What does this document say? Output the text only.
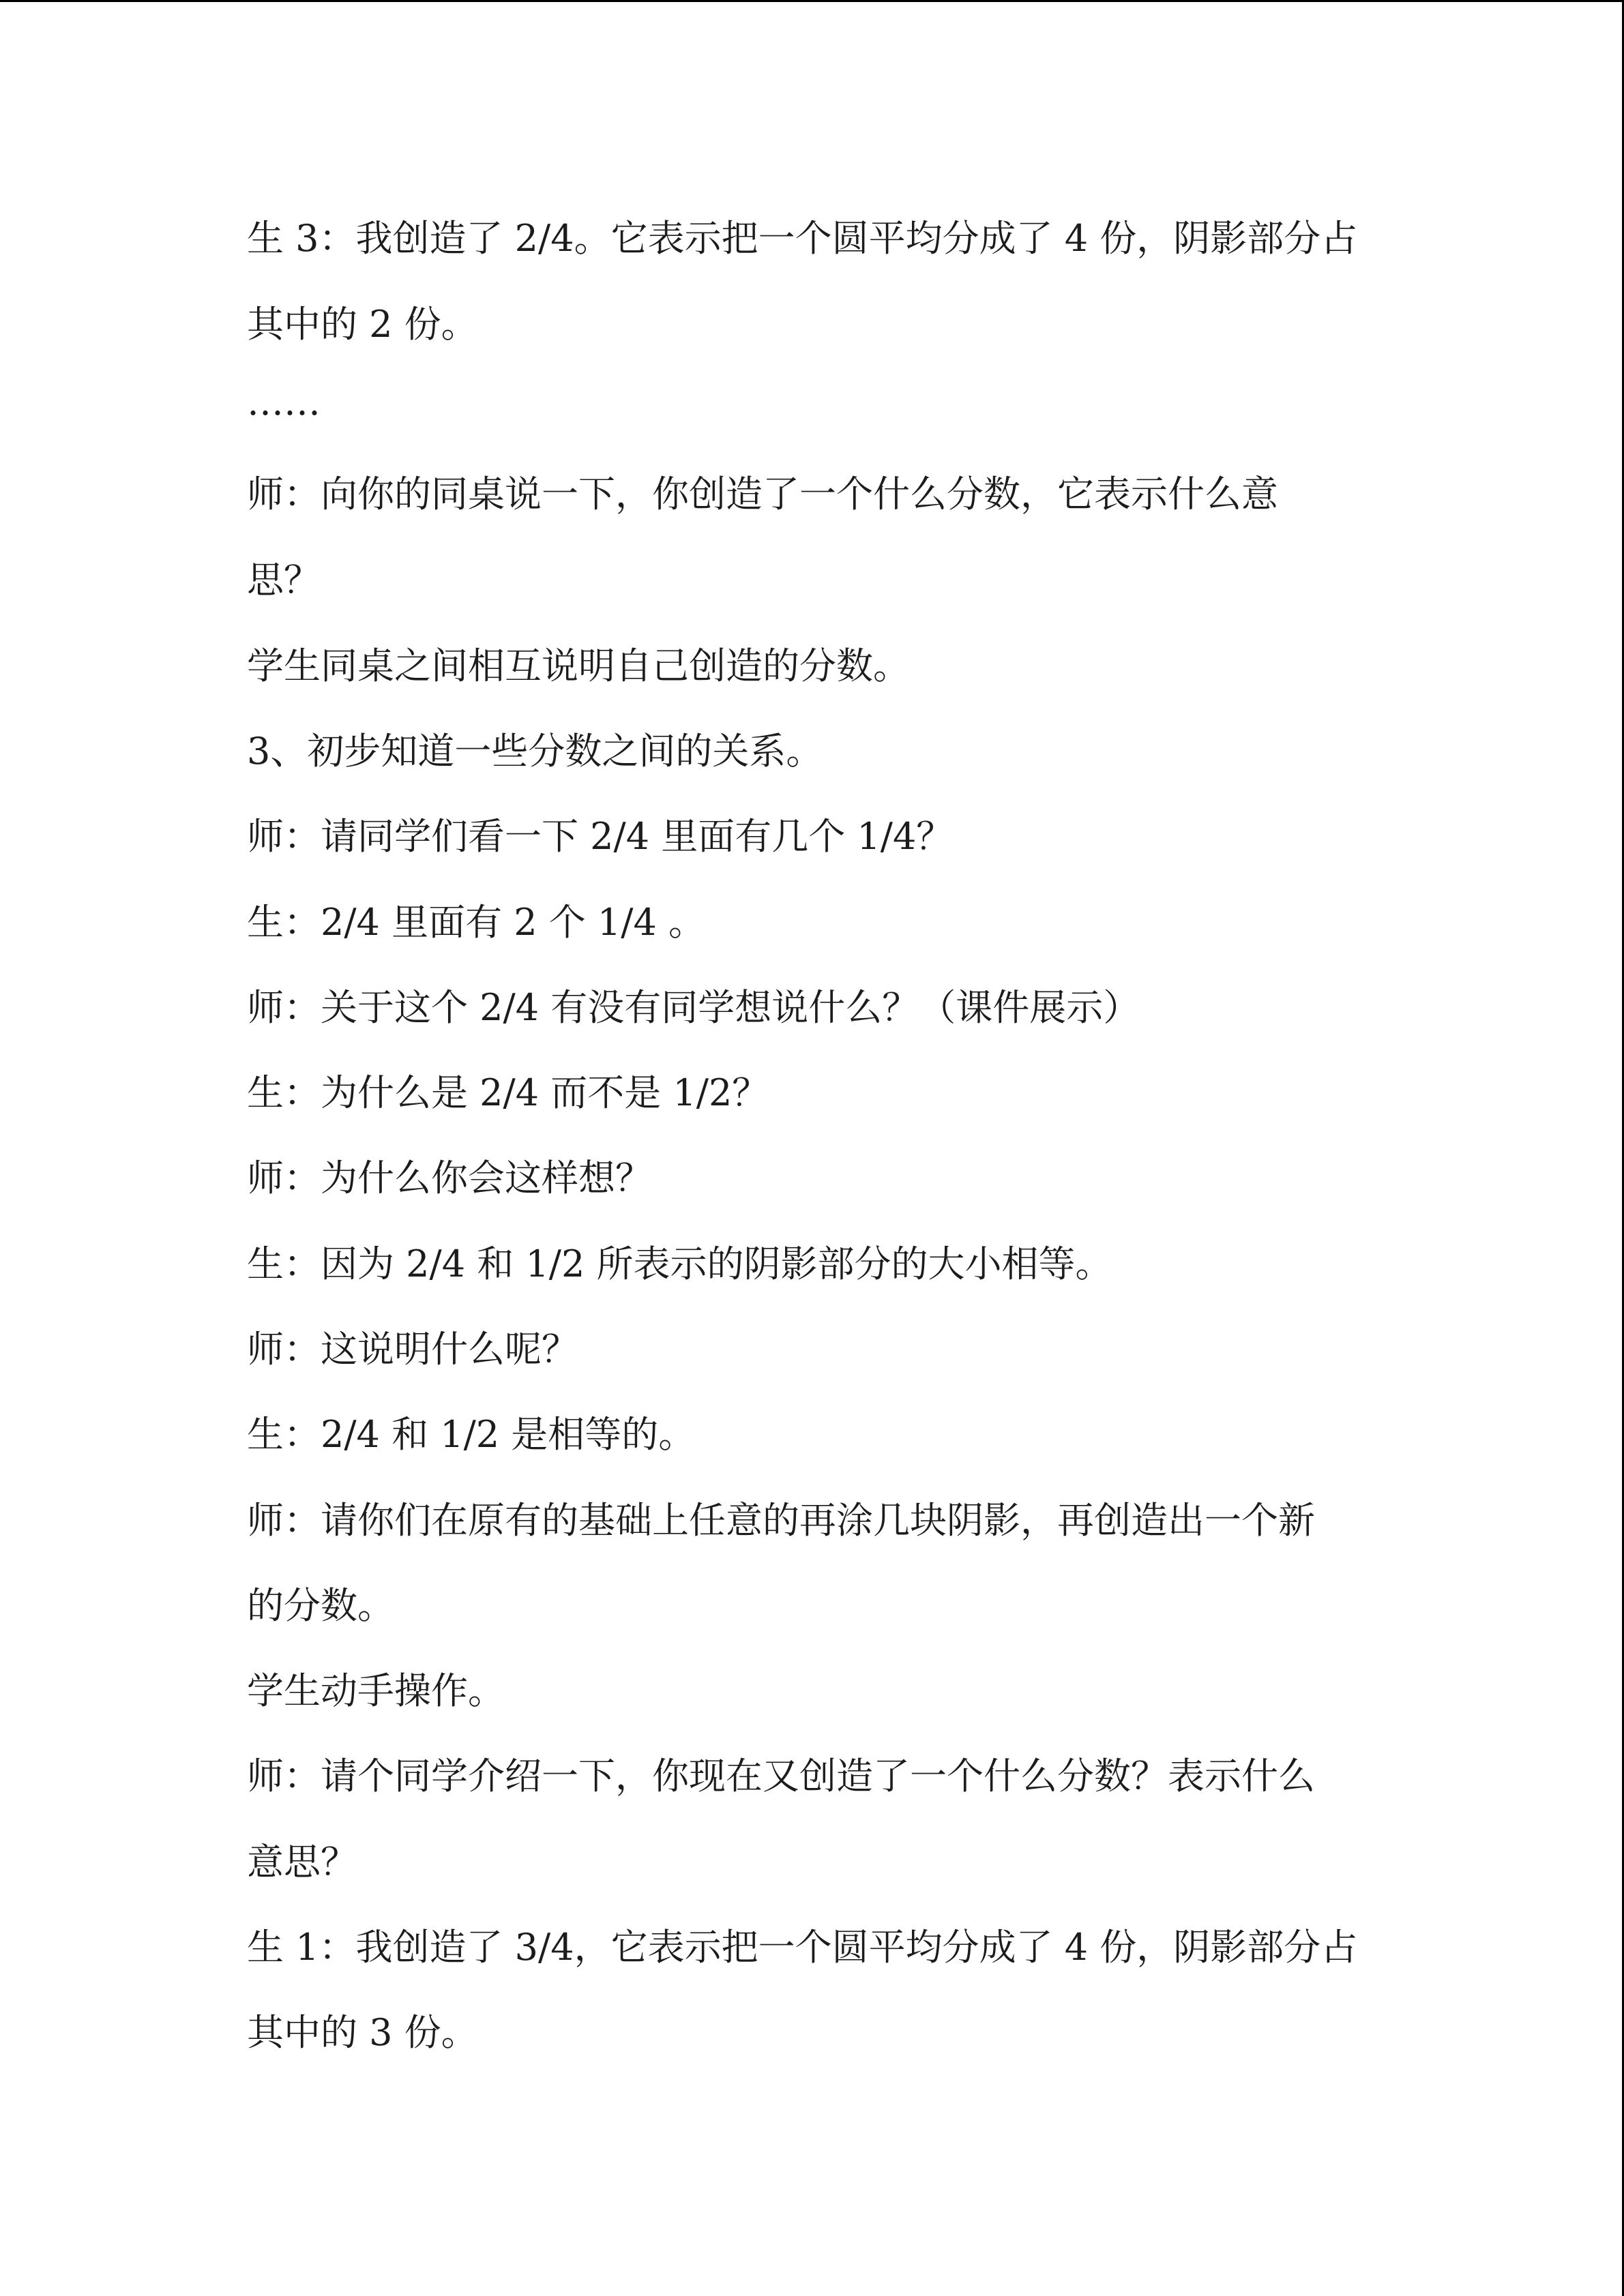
生 3：我创造了 2/4。它表示把一个圆平均分成了 4 份，阴影部分占
其中的 2 份。
……
师：向你的同桌说一下，你创造了一个什么分数，它表示什么意
思？
学生同桌之间相互说明自己创造的分数。
3、初步知道一些分数之间的关系。
师：请同学们看一下 2/4 里面有几个 1/4？
生：2/4 里面有 2 个 1/4 。
师：关于这个 2/4 有没有同学想说什么？（课件展示）
生：为什么是 2/4 而不是 1/2？
师：为什么你会这样想？
生：因为 2/4 和 1/2 所表示的阴影部分的大小相等。
师：这说明什么呢？
生：2/4 和 1/2 是相等的。
师：请你们在原有的基础上任意的再涂几块阴影，再创造出一个新
的分数。
学生动手操作。
师：请个同学介绍一下，你现在又创造了一个什么分数？表示什么
意思？
生 1：我创造了 3/4，它表示把一个圆平均分成了 4 份，阴影部分占
其中的 3 份。
